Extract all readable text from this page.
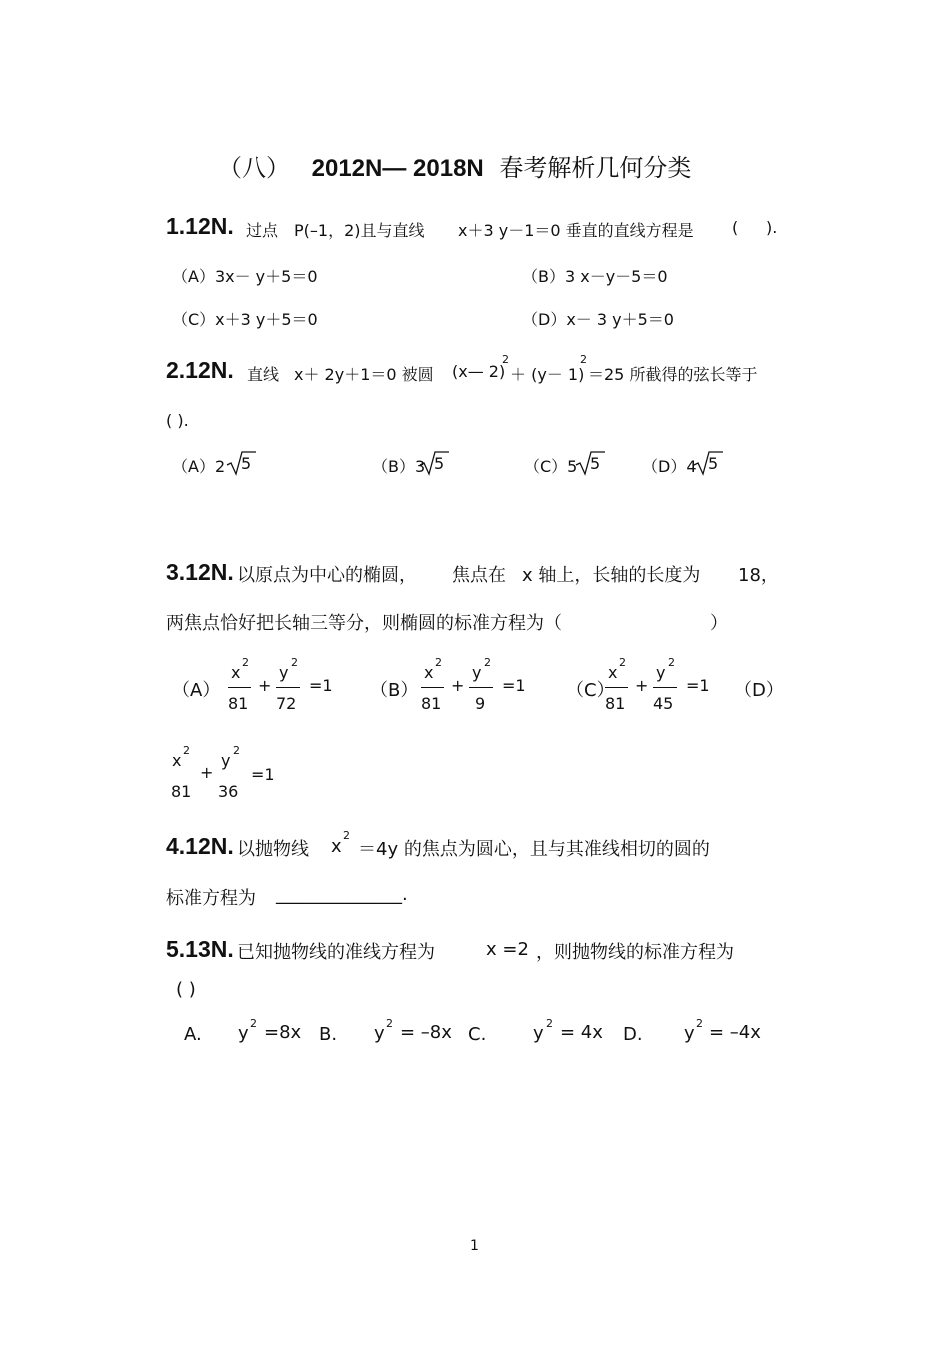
（八） 2012N— 2018N 春考解析几何分类
1.12N. 过点 P(–1，2)且与直线 x＋3 y－1＝0 垂直的直线方程是 ( ).
（A）3x－ y＋5＝0	（B）3 x－y－5＝0
（C）x＋3 y＋5＝0	（D）x－ 3 y＋5＝0
2.12N. 直线 x＋ 2y＋1＝0 被圆 (x— 2)
2
＋ (y－ 1)
2
＝25 所截得的弦长等于
( ).
（A）2	（B）3	（C）5	（D）4
5	5	5	5
3.12N. 以原点为中心的椭圆， 焦点在 x 轴上，长轴的长度为 18，
两焦点恰好把长轴三等分，则椭圆的标准方程为（	）
（A）
x
2
81
+
y
2
72
=1 （B）
x
2
81
+
y
2
9
=1 （C）
x
2
81
+
y
2
45
=1 （D）
x
2
81
+
y
2
36
=1
4.12N. 以抛物线 x
2
＝4y 的焦点为圆心，且与其准线相切的圆的
标准方程为 ______________.
5.13N. 已知抛物线的准线方程为	x =2 ，则抛物线的标准方程为
( )
A. y 2 =8x B. y 2 = –8x C.	y 2 = 4x D. y 2 = –4x
1
